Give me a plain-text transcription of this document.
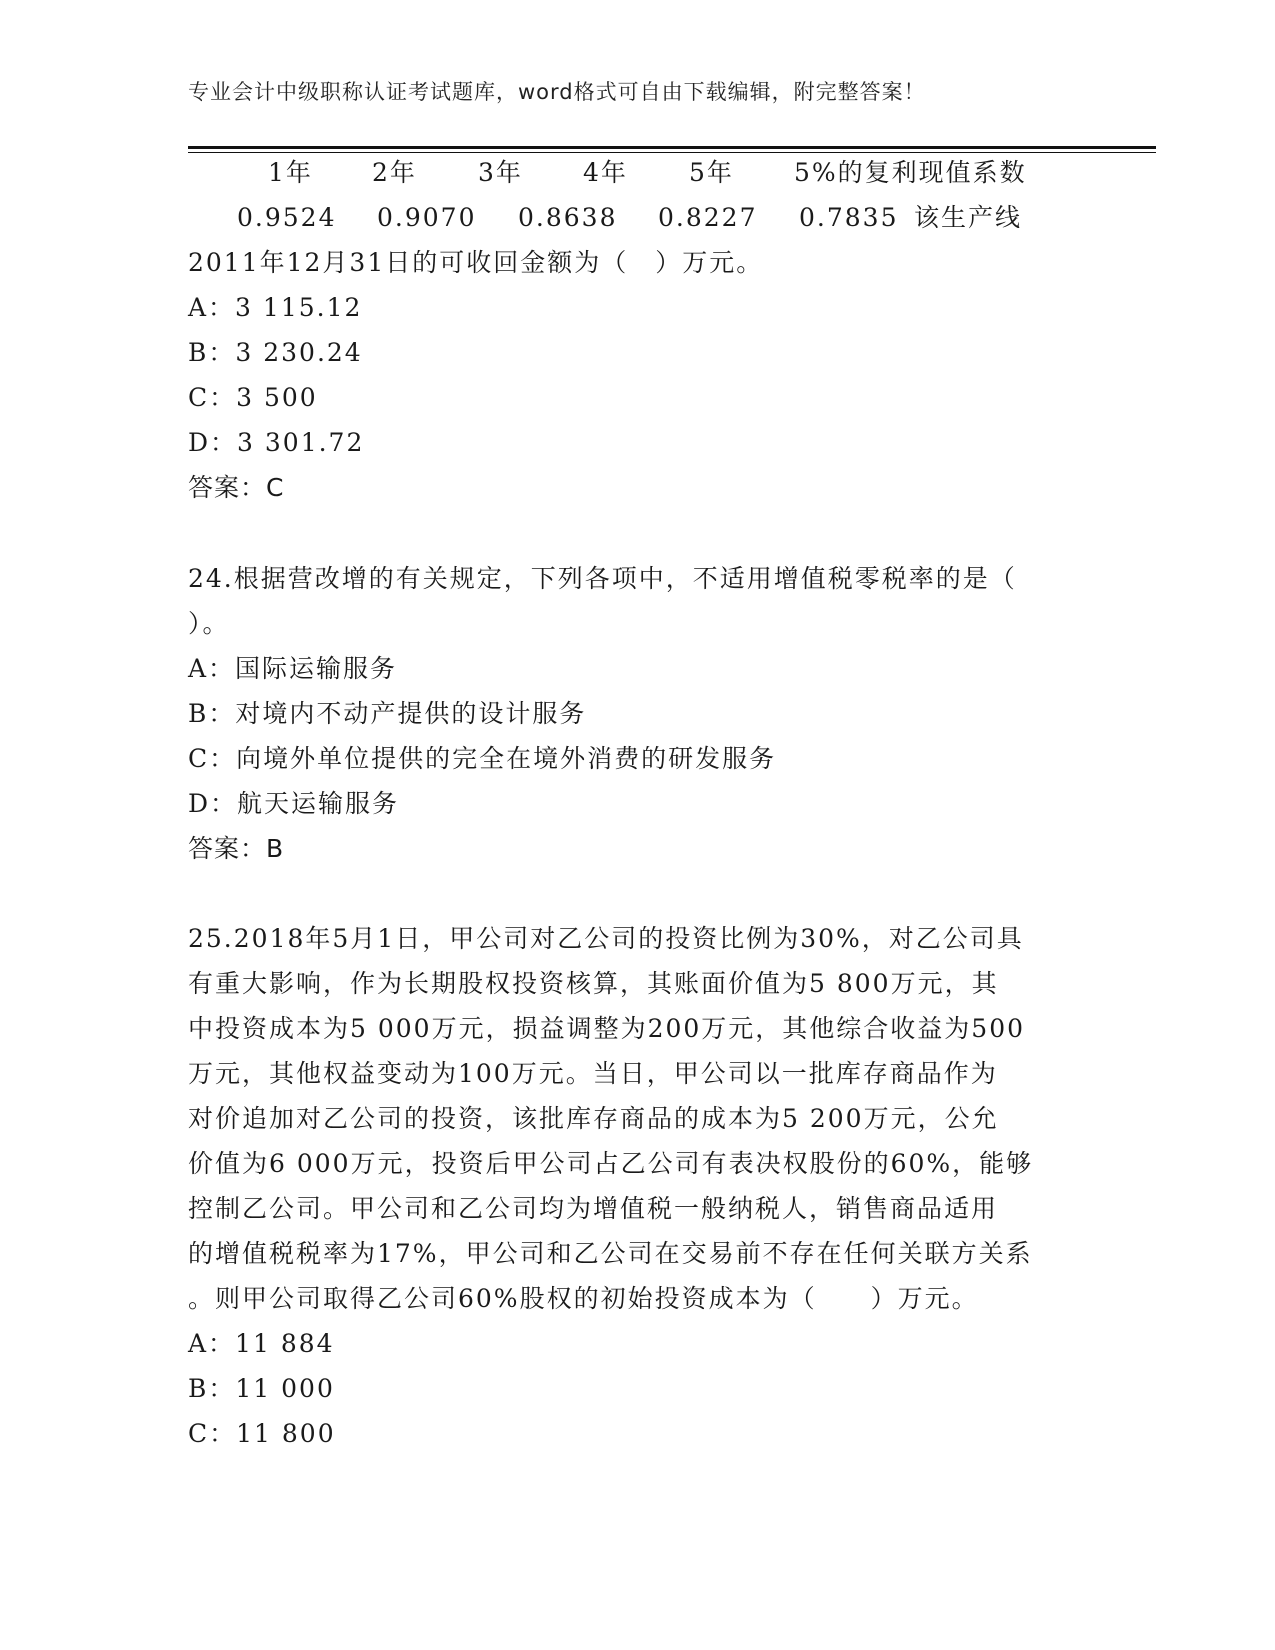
专业会计中级职称认证考试题库，word格式可自由下载编辑，附完整答案！
1年 2年 3年 4年 5年 5%的复利现值系数
0.9524 0.9070 0.8638 0.8227 0.7835 该生产线
2011年12月31日的可收回金额为（　）万元。
A：3 115.12
B：3 230.24
C：3 500
D：3 301.72
答案：C
24.根据营改增的有关规定，下列各项中，不适用增值税零税率的是（
）。
A：国际运输服务
B：对境内不动产提供的设计服务
C：向境外单位提供的完全在境外消费的研发服务
D：航天运输服务
答案：B
25.2018年5月1日，甲公司对乙公司的投资比例为30%，对乙公司具
有重大影响，作为长期股权投资核算，其账面价值为5 800万元，其
中投资成本为5 000万元，损益调整为200万元，其他综合收益为500
万元，其他权益变动为100万元。当日，甲公司以一批库存商品作为
对价追加对乙公司的投资，该批库存商品的成本为5 200万元，公允
价值为6 000万元，投资后甲公司占乙公司有表决权股份的60%，能够
控制乙公司。甲公司和乙公司均为增值税一般纳税人，销售商品适用
的增值税税率为17%，甲公司和乙公司在交易前不存在任何关联方关系
。则甲公司取得乙公司60%股权的初始投资成本为（　　）万元。
A：11 884
B：11 000
C：11 800
